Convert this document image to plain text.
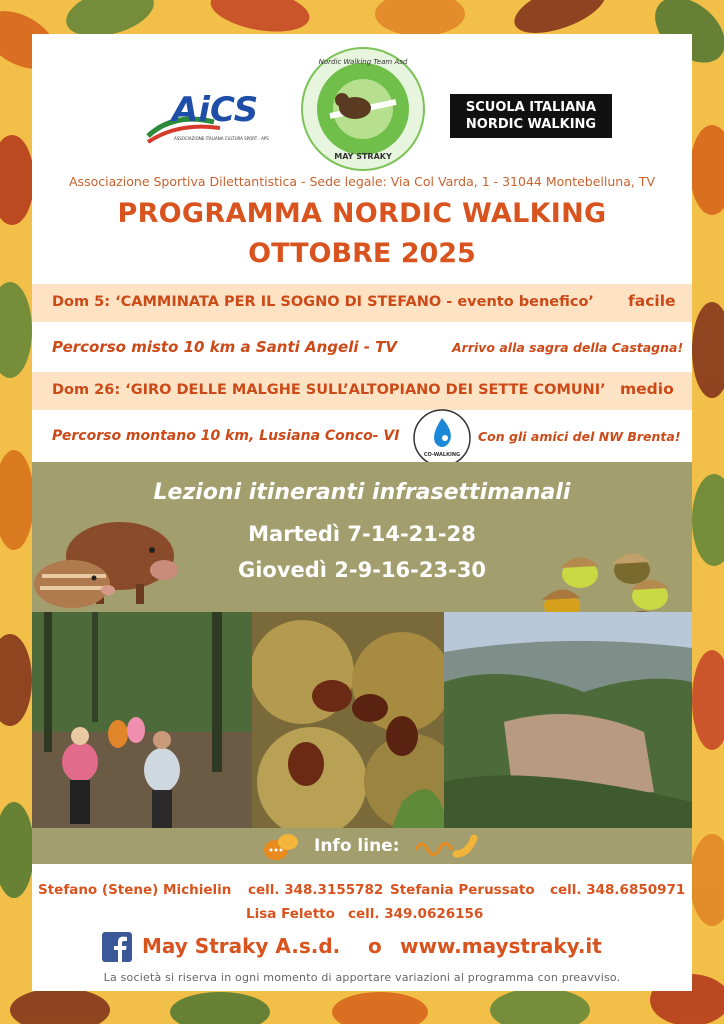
AiCS
ASSOCIAZIONE ITALIANA CULTURA SPORT - APS
Nordic Walking Team Asd
MAY STRAKY
SCUOLA ITALIANA
NORDIC WALKING
Associazione Sportiva Dilettantistica - Sede legale: Via Col Varda, 1 - 31044 Montebelluna, TV
PROGRAMMA NORDIC WALKING
OTTOBRE 2025
Dom 5: ‘CAMMINATA PER IL SOGNO DI STEFANO - evento benefico’ facile
Percorso misto 10 km a Santi Angeli - TV	Arrivo alla sagra della Castagna!
Dom 26: ‘GIRO DELLE MALGHE SULL’ALTOPIANO DEI SETTE COMUNI’ medio
Percorso montano 10 km, Lusiana Conco- VI
CO-WALKING
Con gli amici del NW Brenta!
Lezioni itineranti infrasettimanali
Martedì 7-14-21-28
Giovedì 2-9-16-23-30
Info line:
Stefano (Stene) Michielin cell. 348.3155782 Stefania Perussato cell. 348.6850971
Lisa Feletto cell. 349.0626156
May Straky A.s.d. o www.maystraky.it
La società si riserva in ogni momento di apportare variazioni al programma con preavviso.
